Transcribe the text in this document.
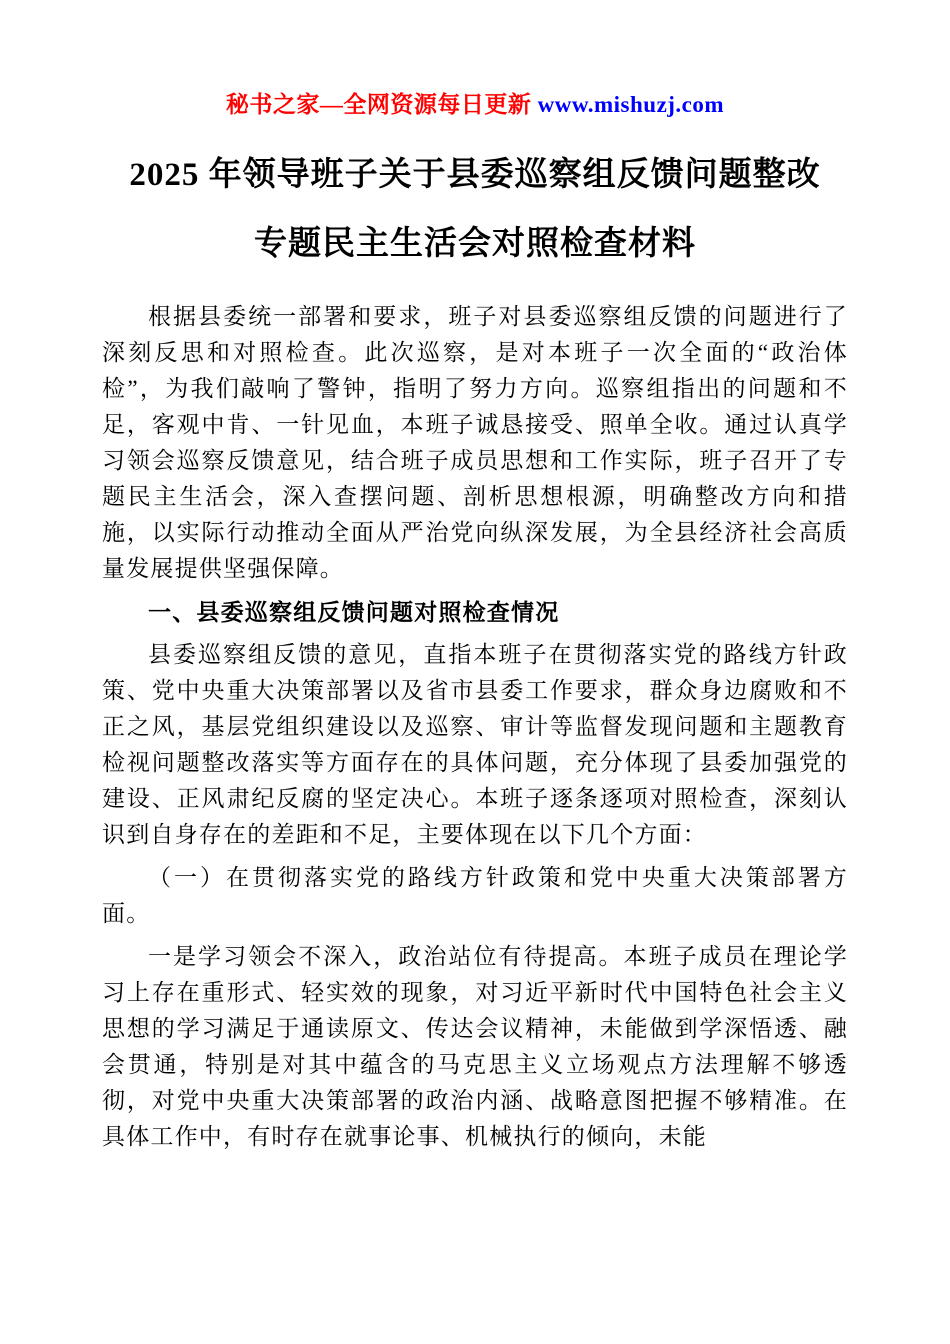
秘书之家—全网资源每日更新 www.mishuzj.com
2025 年领导班子关于县委巡察组反馈问题整改
专题民主生活会对照检查材料

根据县委统一部署和要求，班子对县委巡察组反馈的问题进行了深刻反思和对照检查。此次巡察，是对本班子一次全面的“政治体检”，为我们敲响了警钟，指明了努力方向。巡察组指出的问题和不足，客观中肯、一针见血，本班子诚恳接受、照单全收。通过认真学习领会巡察反馈意见，结合班子成员思想和工作实际，班子召开了专题民主生活会，深入查摆问题、剖析思想根源，明确整改方向和措施，以实际行动推动全面从严治党向纵深发展，为全县经济社会高质量发展提供坚强保障。

一、县委巡察组反馈问题对照检查情况

县委巡察组反馈的意见，直指本班子在贯彻落实党的路线方针政策、党中央重大决策部署以及省市县委工作要求，群众身边腐败和不正之风，基层党组织建设以及巡察、审计等监督发现问题和主题教育检视问题整改落实等方面存在的具体问题，充分体现了县委加强党的建设、正风肃纪反腐的坚定决心。本班子逐条逐项对照检查，深刻认识到自身存在的差距和不足，主要体现在以下几个方面：

（一）在贯彻落实党的路线方针政策和党中央重大决策部署方面。

一是学习领会不深入，政治站位有待提高。本班子成员在理论学习上存在重形式、轻实效的现象，对习近平新时代中国特色社会主义思想的学习满足于通读原文、传达会议精神，未能做到学深悟透、融会贯通，特别是对其中蕴含的马克思主义立场观点方法理解不够透彻，对党中央重大决策部署的政治内涵、战略意图把握不够精准。在具体工作中，有时存在就事论事、机械执行的倾向，未能
